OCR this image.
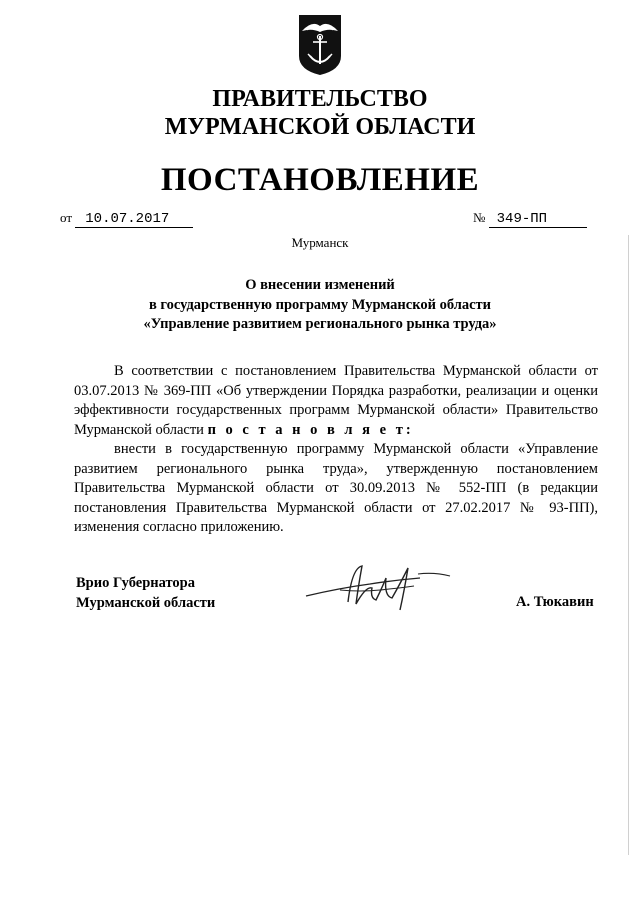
ПРАВИТЕЛЬСТВО
МУРМАНСКОЙ ОБЛАСТИ
ПОСТАНОВЛЕНИЕ
от 10.07.2017	№ 349-ПП
Мурманск
О внесении изменений
в государственную программу Мурманской области
«Управление развитием регионального рынка труда»

В соответствии с постановлением Правительства Мурманской области от 03.07.2013 № 369-ПП «Об утверждении Порядка разработки, реализации и оценки эффективности государственных программ Мурманской области» Правительство Мурманской области п о с т а н о в л я е т:

внести в государственную программу Мурманской области «Управление развитием регионального рынка труда», утвержденную постановлением Правительства Мурманской области от 30.09.2013 № 552-ПП (в редакции постановления Правительства Мурманской области от 27.02.2017 № 93-ПП), изменения согласно приложению.

Врио Губернатора
Мурманской области	А. Тюкавин
